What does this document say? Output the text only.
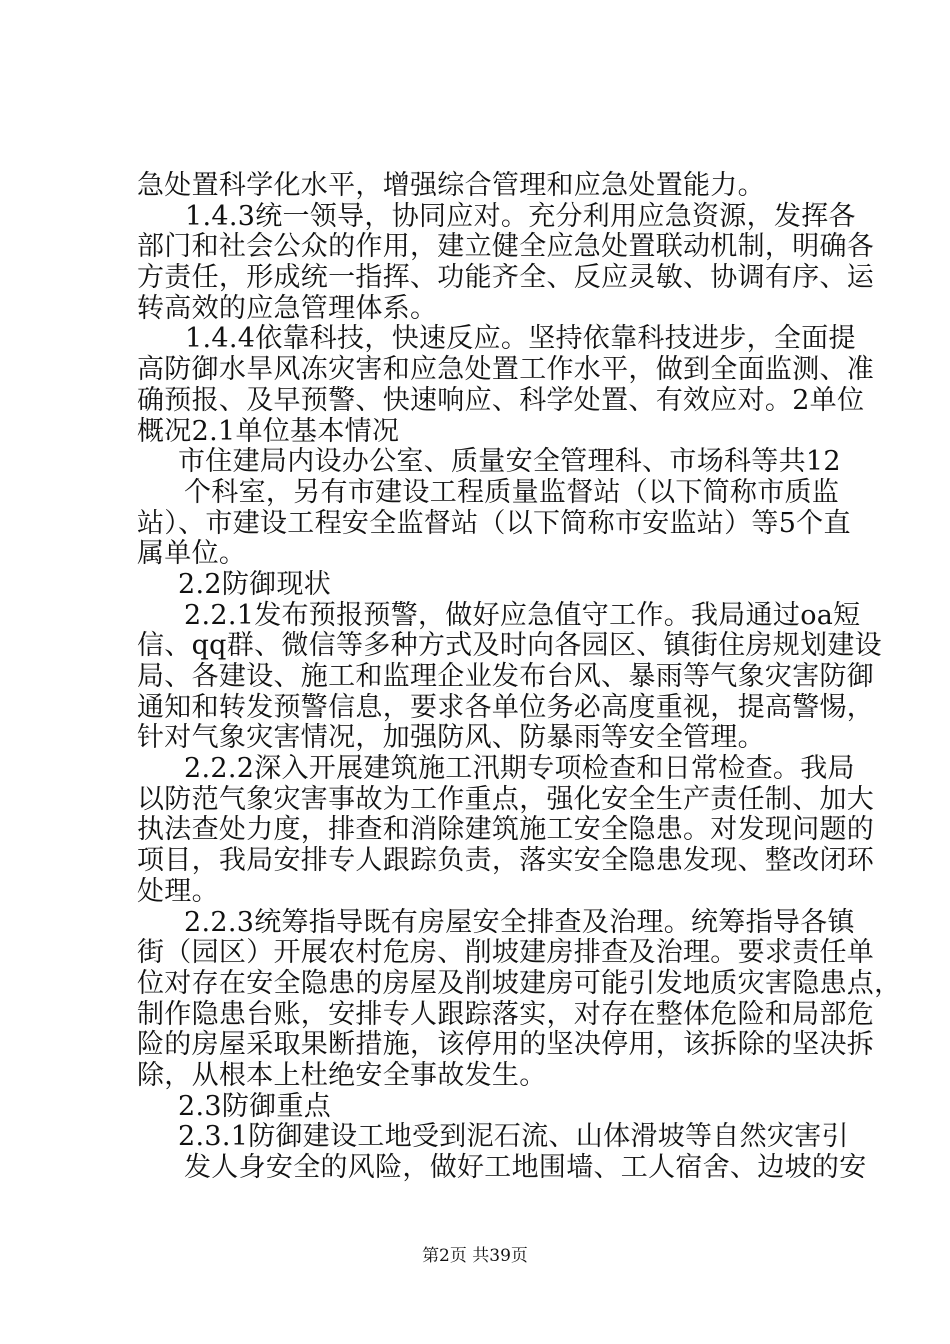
急处置科学化水平，增强综合管理和应急处置能力。
1.4.3统一领导，协同应对。充分利用应急资源，发挥各
部门和社会公众的作用，建立健全应急处置联动机制，明确各
方责任，形成统一指挥、功能齐全、反应灵敏、协调有序、运
转高效的应急管理体系。
1.4.4依靠科技，快速反应。坚持依靠科技进步，全面提
高防御水旱风冻灾害和应急处置工作水平，做到全面监测、准
确预报、及早预警、快速响应、科学处置、有效应对。2单位
概况2.1单位基本情况
市住建局内设办公室、质量安全管理科、市场科等共12
个科室，另有市建设工程质量监督站（以下简称市质监
站）、市建设工程安全监督站（以下简称市安监站）等5个直
属单位。
2.2防御现状
2.2.1发布预报预警，做好应急值守工作。我局通过oa短
信、qq群、微信等多种方式及时向各园区、镇街住房规划建设
局、各建设、施工和监理企业发布台风、暴雨等气象灾害防御
通知和转发预警信息，要求各单位务必高度重视，提高警惕，
针对气象灾害情况，加强防风、防暴雨等安全管理。
2.2.2深入开展建筑施工汛期专项检查和日常检查。我局
以防范气象灾害事故为工作重点，强化安全生产责任制、加大
执法查处力度，排查和消除建筑施工安全隐患。对发现问题的
项目，我局安排专人跟踪负责，落实安全隐患发现、整改闭环
处理。
2.2.3统筹指导既有房屋安全排查及治理。统筹指导各镇
街（园区）开展农村危房、削坡建房排查及治理。要求责任单
位对存在安全隐患的房屋及削坡建房可能引发地质灾害隐患点，
制作隐患台账，安排专人跟踪落实，对存在整体危险和局部危
险的房屋采取果断措施，该停用的坚决停用，该拆除的坚决拆
除，从根本上杜绝安全事故发生。
2.3防御重点
2.3.1防御建设工地受到泥石流、山体滑坡等自然灾害引
发人身安全的风险，做好工地围墙、工人宿舍、边坡的安
第2页 共39页
